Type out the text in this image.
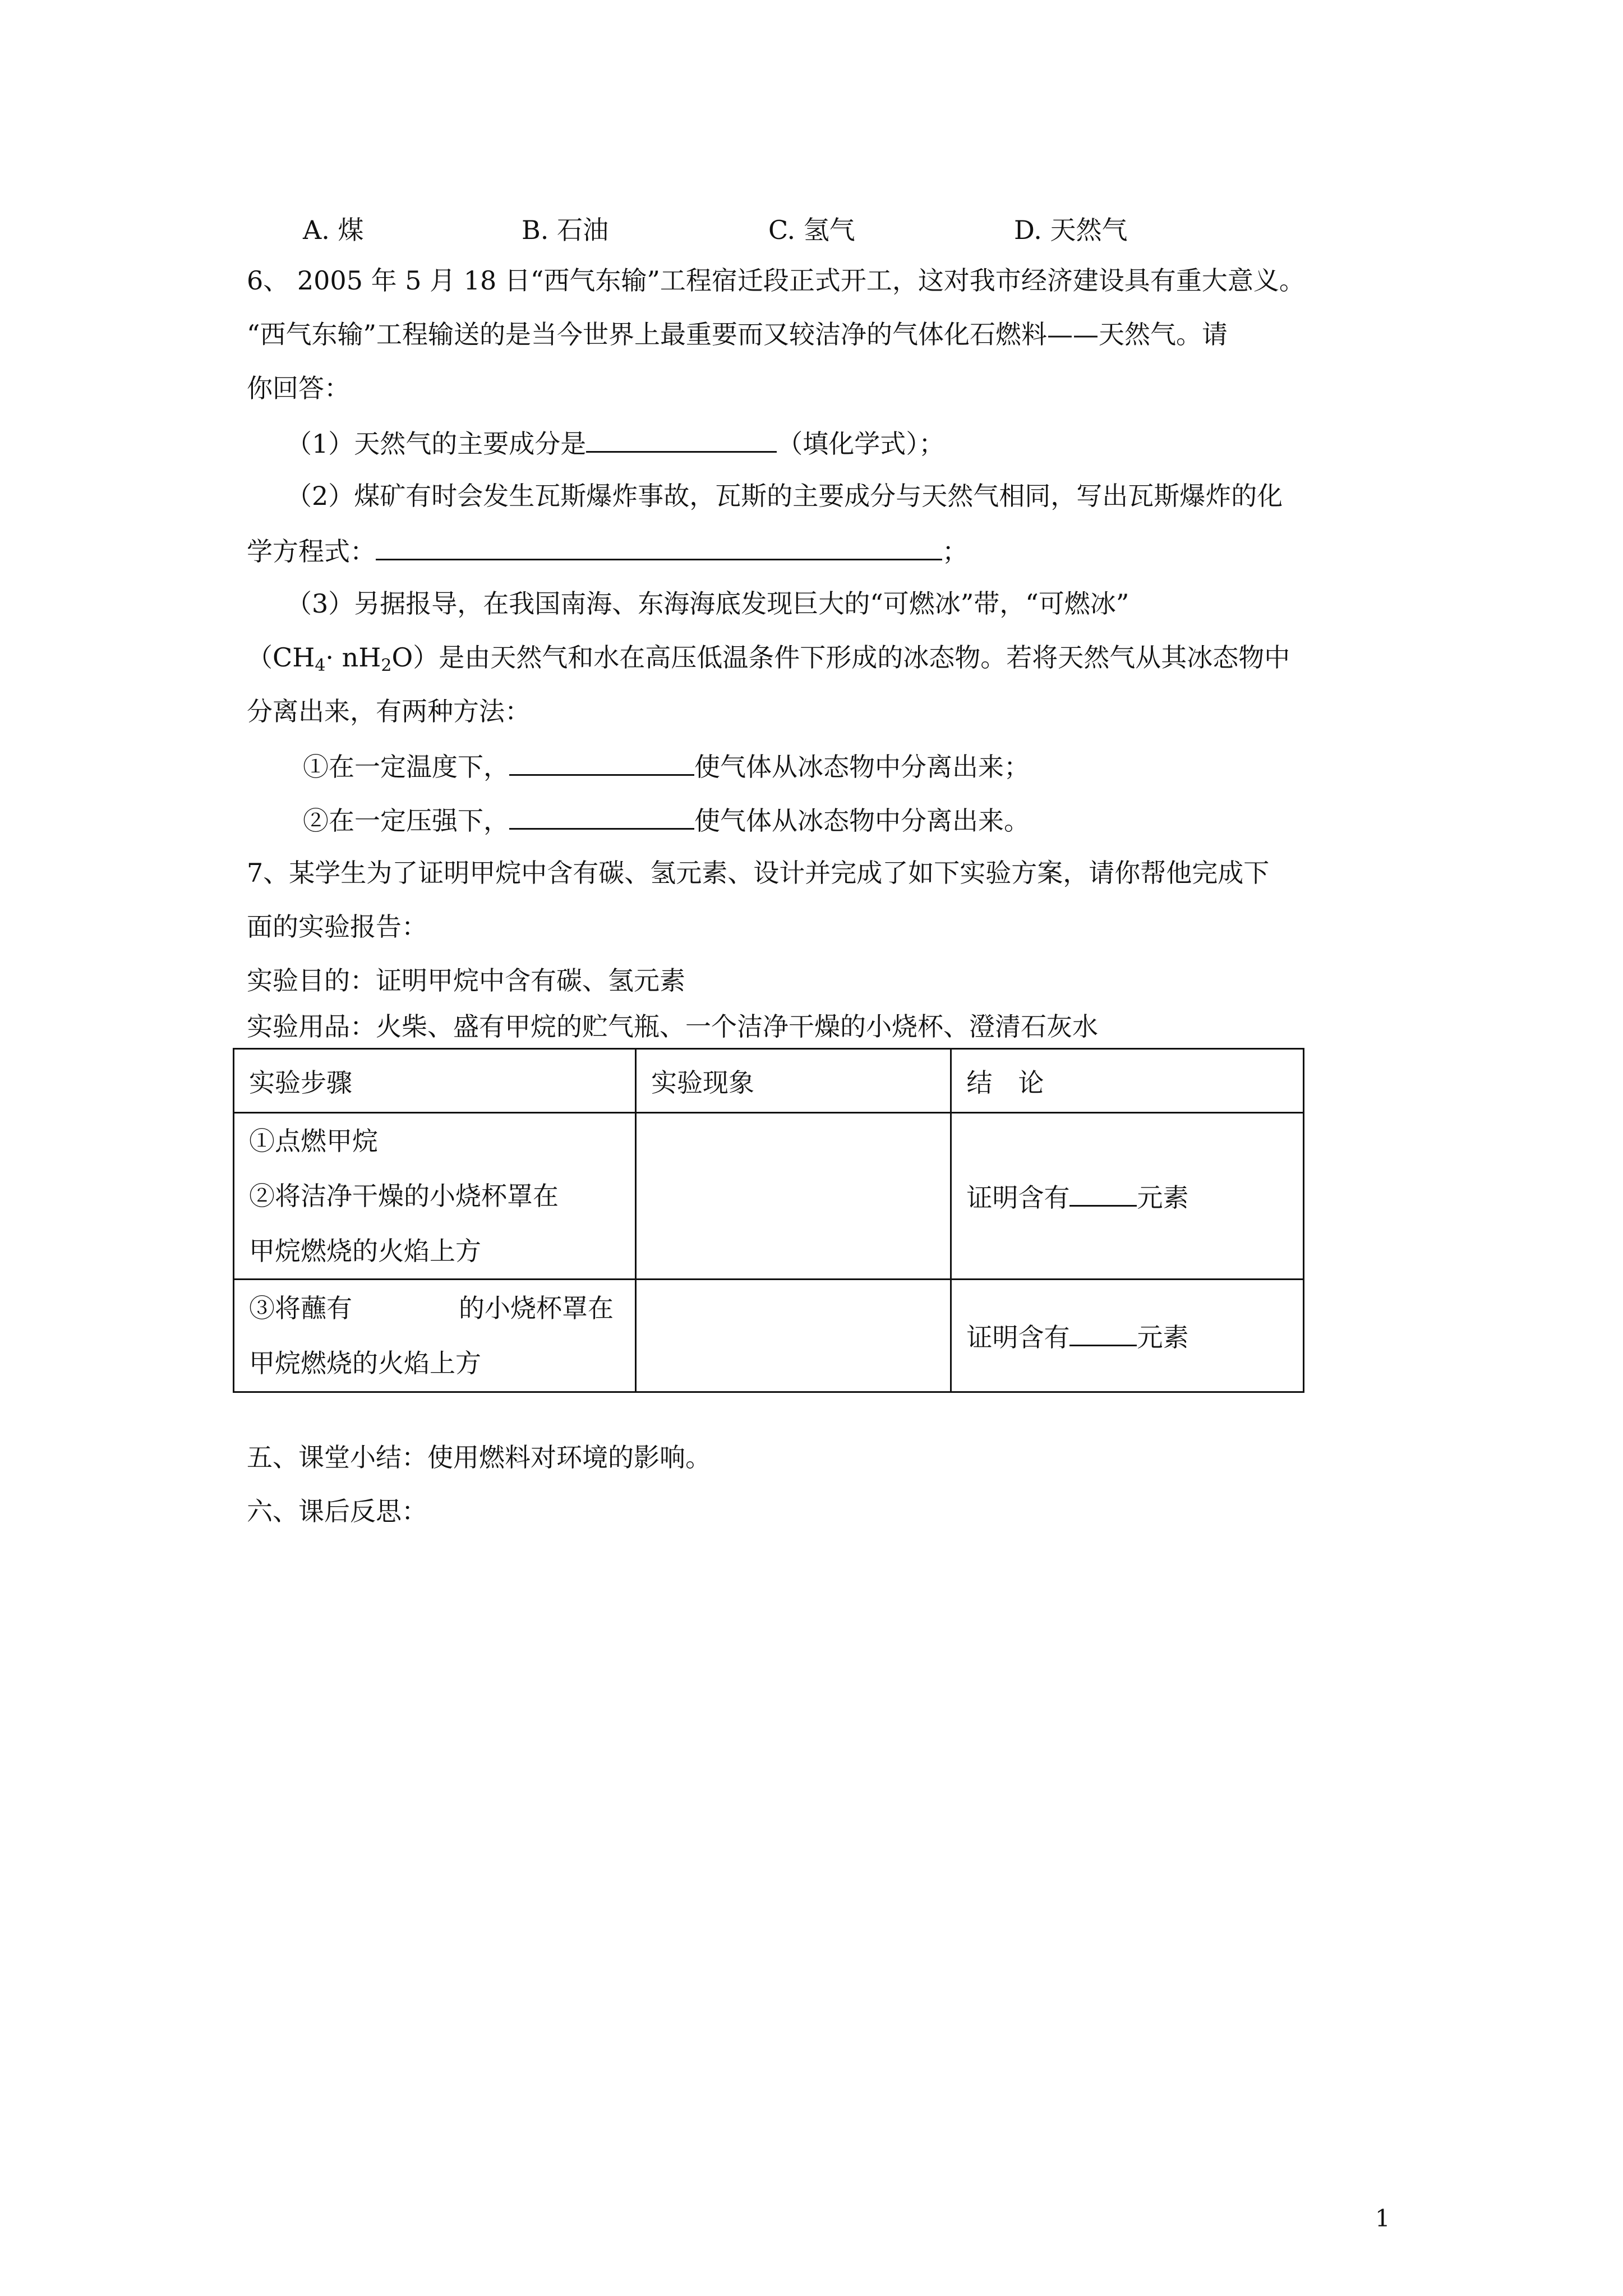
A. 煤	B. 石油	C. 氢气	D. 天然气
6、 2005 年 5 月 18 日“西气东输”工程宿迁段正式开工，这对我市经济建设具有重大意义。
“西气东输”工程输送的是当今世界上最重要而又较洁净的气体化石燃料——天然气。请
你回答：
（1）天然气的主要成分是	（填化学式）；
（2）煤矿有时会发生瓦斯爆炸事故，瓦斯的主要成分与天然气相同，写出瓦斯爆炸的化
学方程式：	；
（3）另据报导，在我国南海、东海海底发现巨大的“可燃冰”带，“可燃冰”
$(CH_4\cdot nH_2O)$是由天然气和水在高压低温条件下形成的冰态物。若将天然气从其冰态物中
分离出来，有两种方法：
①在一定温度下，	使气体从冰态物中分离出来；
②在一定压强下，	使气体从冰态物中分离出来。
7、某学生为了证明甲烷中含有碳、氢元素、设计并完成了如下实验方案，请你帮他完成下
面的实验报告：
实验目的：证明甲烷中含有碳、氢元素
实验用品：火柴、盛有甲烷的贮气瓶、一个洁净干燥的小烧杯、澄清石灰水
实验步骤	实验现象	结　论

①点燃甲烷
②将洁净干燥的小烧杯罩在
甲烷燃烧的火焰上方		证明含有 元素

③将蘸有 的小烧杯罩在
甲烷燃烧的火焰上方		证明含有 元素
五、课堂小结：使用燃料对环境的影响。
六、课后反思：
1
